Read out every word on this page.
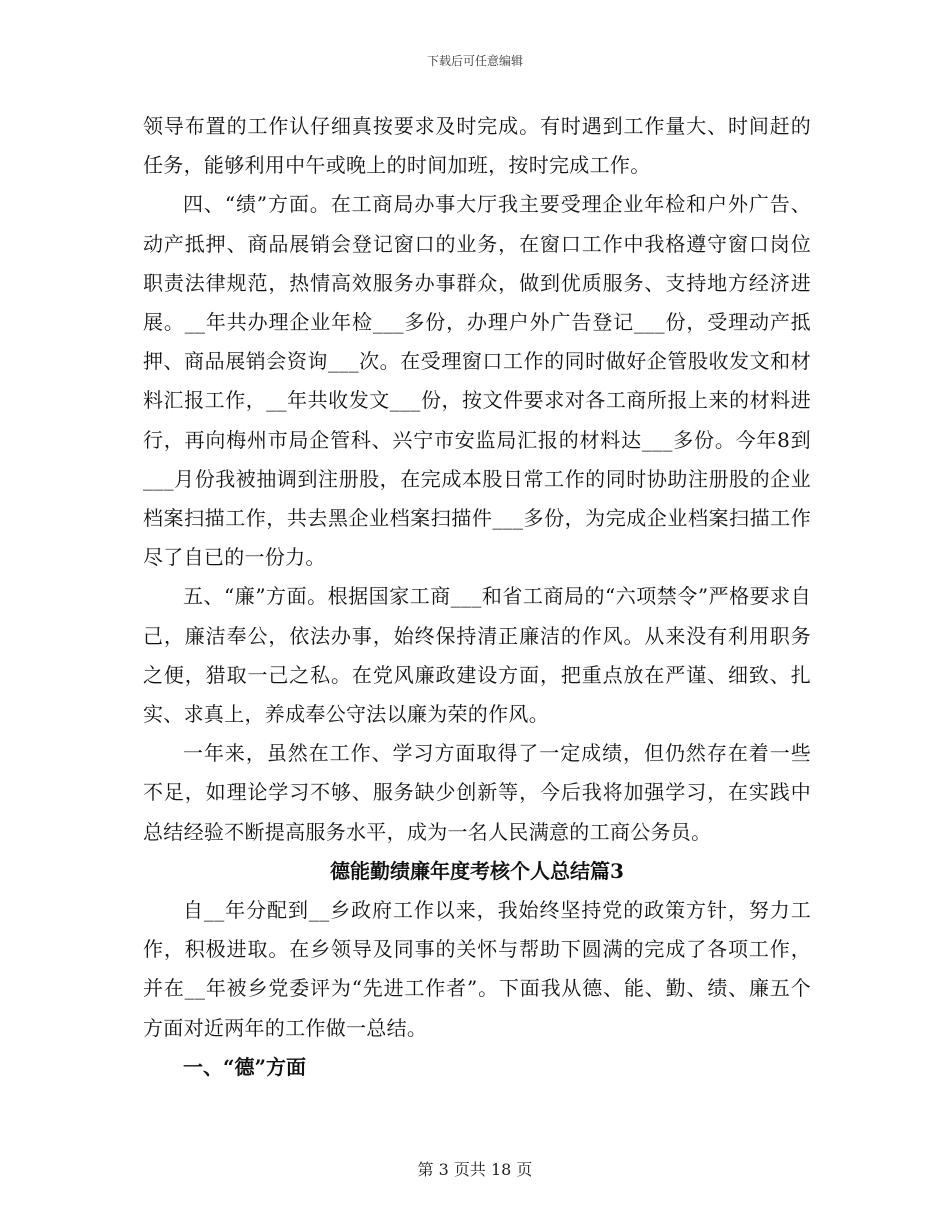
下载后可任意编辑

领导布置的工作认仔细真按要求及时完成。有时遇到工作量大、时间赶的任务，能够利用中午或晚上的时间加班，按时完成工作。

四、“绩”方面。在工商局办事大厅我主要受理企业年检和户外广告、动产抵押、商品展销会登记窗口的业务，在窗口工作中我格遵守窗口岗位职责法律规范，热情高效服务办事群众，做到优质服务、支持地方经济进展。__年共办理企业年检___多份，办理户外广告登记___份，受理动产抵押、商品展销会资询___次。在受理窗口工作的同时做好企管股收发文和材料汇报工作，__年共收发文___份，按文件要求对各工商所报上来的材料进行，再向梅州市局企管科、兴宁市安监局汇报的材料达___多份。今年8到___月份我被抽调到注册股，在完成本股日常工作的同时协助注册股的企业档案扫描工作，共去黑企业档案扫描件___多份，为完成企业档案扫描工作尽了自已的一份力。

五、“廉”方面。根据国家工商___和省工商局的“六项禁令”严格要求自己，廉洁奉公，依法办事，始终保持清正廉洁的作风。从来没有利用职务之便，猎取一己之私。在党风廉政建设方面，把重点放在严谨、细致、扎实、求真上，养成奉公守法以廉为荣的作风。

一年来，虽然在工作、学习方面取得了一定成绩，但仍然存在着一些不足，如理论学习不够、服务缺少创新等，今后我将加强学习，在实践中总结经验不断提高服务水平，成为一名人民满意的工商公务员。

德能勤绩廉年度考核个人总结篇3

自__年分配到__乡政府工作以来，我始终坚持党的政策方针，努力工作，积极进取。在乡领导及同事的关怀与帮助下圆满的完成了各项工作，并在__年被乡党委评为“先进工作者”。下面我从德、能、勤、绩、廉五个方面对近两年的工作做一总结。

一、“德”方面

第 3 页共 18 页
